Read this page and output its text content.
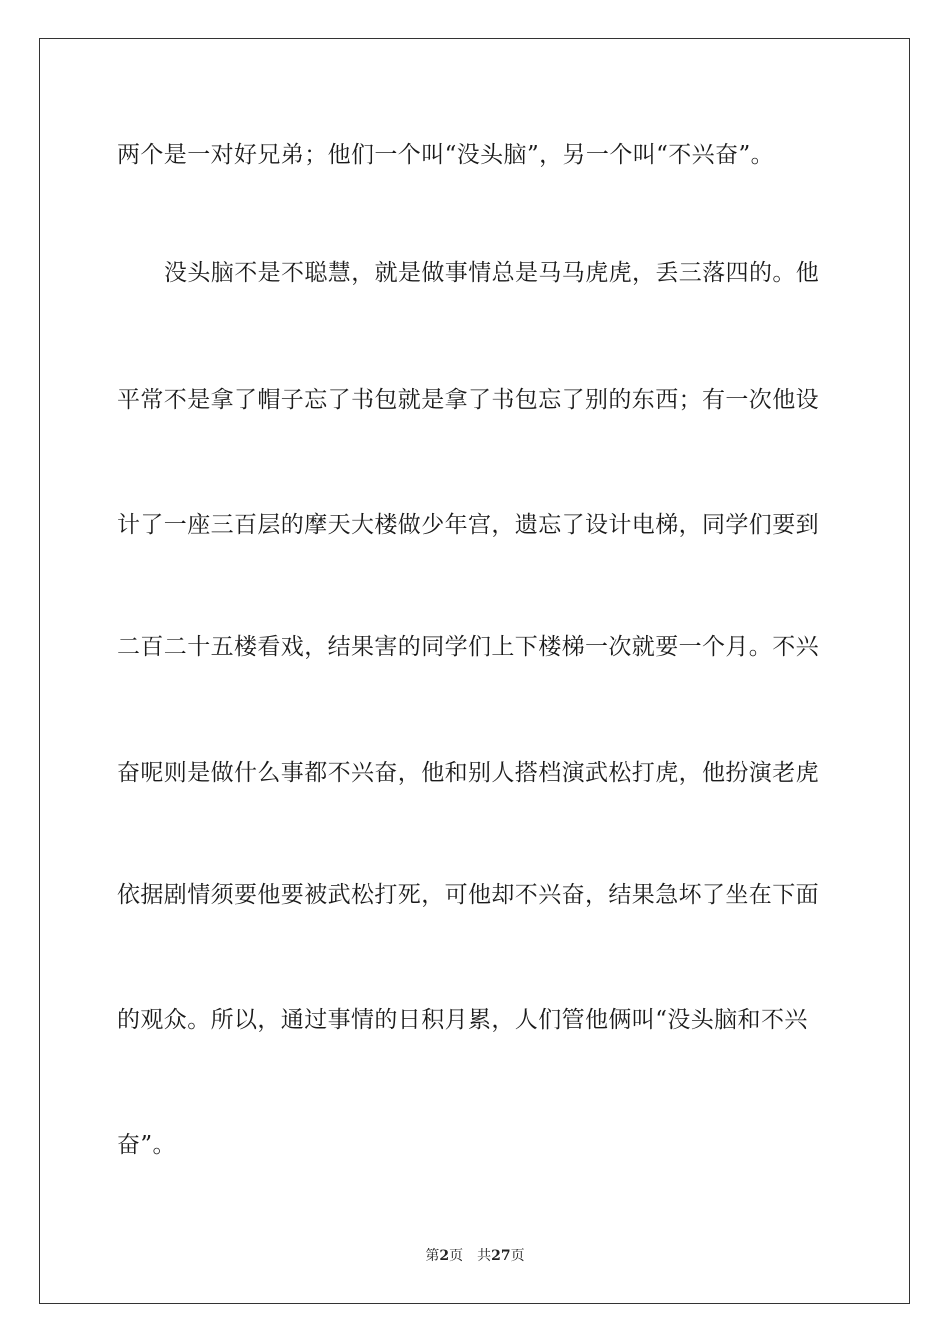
两个是一对好兄弟；他们一个叫“没头脑”，另一个叫“不兴奋”。
没头脑不是不聪慧，就是做事情总是马马虎虎，丢三落四的。他
平常不是拿了帽子忘了书包就是拿了书包忘了别的东西；有一次他设
计了一座三百层的摩天大楼做少年宫，遗忘了设计电梯，同学们要到
二百二十五楼看戏，结果害的同学们上下楼梯一次就要一个月。不兴
奋呢则是做什么事都不兴奋，他和别人搭档演武松打虎，他扮演老虎
依据剧情须要他要被武松打死，可他却不兴奋，结果急坏了坐在下面
的观众。所以，通过事情的日积月累，人们管他俩叫“没头脑和不兴
奋”。
第2页 共27页
